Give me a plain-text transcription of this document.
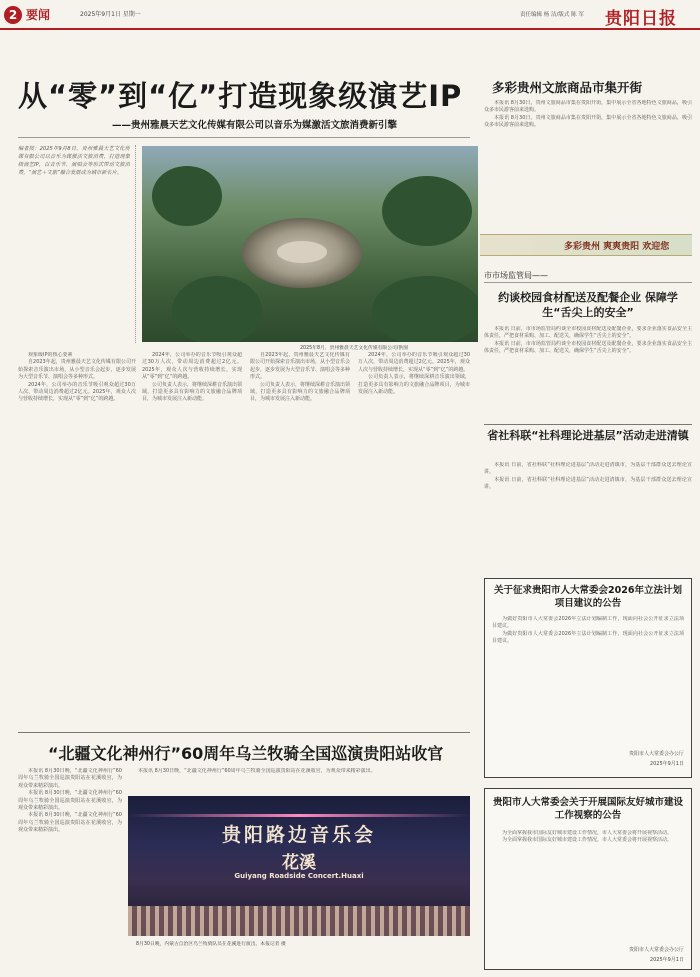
2 要闻	2025年9月1日 星期一	责任编辑 杨 洁/版式 陈 军 贵阳日报
从“零”到“亿”打造现象级演艺IP
——贵州雅晨天艺文化传媒有限公司以音乐为媒激活文旅消费新引擎
编者按：2025年9月8日，贵州雅晨天艺文化传媒有限公司以音乐为媒激活文旅消费，打造现象级演艺IP，以音乐节、演唱会等形式带动文旅消费，“演艺＋文旅”融合发展成为城市新名片。
2025年8月，贵州雅晨天艺文化传媒有限公司/供图

观象级IP的核心要素

自2023年起，贵州雅晨天艺文化传媒有限公司开始探索音乐演出市场，从小型音乐会起步，逐步发展为大型音乐节、演唱会等多种形式。

2024年，公司举办的音乐节吸引观众超过30万人次，带动周边消费超过2亿元。2025年，观众人次与营收持续增长，实现从“零”到“亿”的跨越。

2024年，公司举办的音乐节吸引观众超过30万人次，带动周边消费超过2亿元。2025年，观众人次与营收持续增长，实现从“零”到“亿”的跨越。

公司负责人表示，将继续深耕音乐演出领域，打造更多具有影响力的文旅融合品牌项目，为城市发展注入新动能。

自2023年起，贵州雅晨天艺文化传媒有限公司开始探索音乐演出市场，从小型音乐会起步，逐步发展为大型音乐节、演唱会等多种形式。

公司负责人表示，将继续深耕音乐演出领域，打造更多具有影响力的文旅融合品牌项目，为城市发展注入新动能。

2024年，公司举办的音乐节吸引观众超过30万人次，带动周边消费超过2亿元。2025年，观众人次与营收持续增长，实现从“零”到“亿”的跨越。

公司负责人表示，将继续深耕音乐演出领域，打造更多具有影响力的文旅融合品牌项目，为城市发展注入新动能。

多彩贵州文旅商品市集开街

本报讯 8月30日，贵州文旅商品市集在贵阳开街，集中展示全省各地特色文旅商品，吸引众多市民游客前来选购。

本报讯 8月30日，贵州文旅商品市集在贵阳开街，集中展示全省各地特色文旅商品，吸引众多市民游客前来选购。

多彩贵州 爽爽贵阳 欢迎您
市市场监管局——
约谈校园食材配送及配餐企业 保障学生“舌尖上的安全”

本报讯 日前，市市场监管局约谈全市校园食材配送及配餐企业，要求企业落实食品安全主体责任，严把食材采购、加工、配送关，确保学生“舌尖上的安全”。

本报讯 日前，市市场监管局约谈全市校园食材配送及配餐企业，要求企业落实食品安全主体责任，严把食材采购、加工、配送关，确保学生“舌尖上的安全”。

省社科联“社科理论进基层”活动走进清镇

本报讯 日前，省社科联“社科理论进基层”活动走进清镇市，为基层干部群众送去理论宣讲。

本报讯 日前，省社科联“社科理论进基层”活动走进清镇市，为基层干部群众送去理论宣讲。

关于征求贵阳市人大常委会2026年立法计划项目建议的公告

为做好贵阳市人大常委会2026年立法计划编制工作，现面向社会公开征求立法项目建议。

为做好贵阳市人大常委会2026年立法计划编制工作，现面向社会公开征求立法项目建议。

贵阳市人大常委会办公厅
2025年9月1日
贵阳市人大常委会关于开展国际友好城市建设工作视察的公告

为全面掌握我市国际友好城市建设工作情况，市人大常委会将开展视察活动。

为全面掌握我市国际友好城市建设工作情况，市人大常委会将开展视察活动。

贵阳市人大常委会办公厅
2025年9月1日
“北疆文化神州行”60周年乌兰牧骑全国巡演贵阳站收官

本报讯 8月30日晚，“北疆文化神州行”60周年乌兰牧骑全国巡演贵阳站在花溪收官，为观众带来精彩演出。

本报讯 8月30日晚，“北疆文化神州行”60周年乌兰牧骑全国巡演贵阳站在花溪收官，为观众带来精彩演出。

本报讯 8月30日晚，“北疆文化神州行”60周年乌兰牧骑全国巡演贵阳站在花溪收官，为观众带来精彩演出。

本报讯 8月30日晚，“北疆文化神州行”60周年乌兰牧骑全国巡演贵阳站在花溪收官，为观众带来精彩演出。

贵阳路边音乐会
花溪
Guiyang Roadside Concert.Huaxi
8月30日晚，内蒙古自治区乌兰牧骑队员在花溪进行演出。本报记者 摄
